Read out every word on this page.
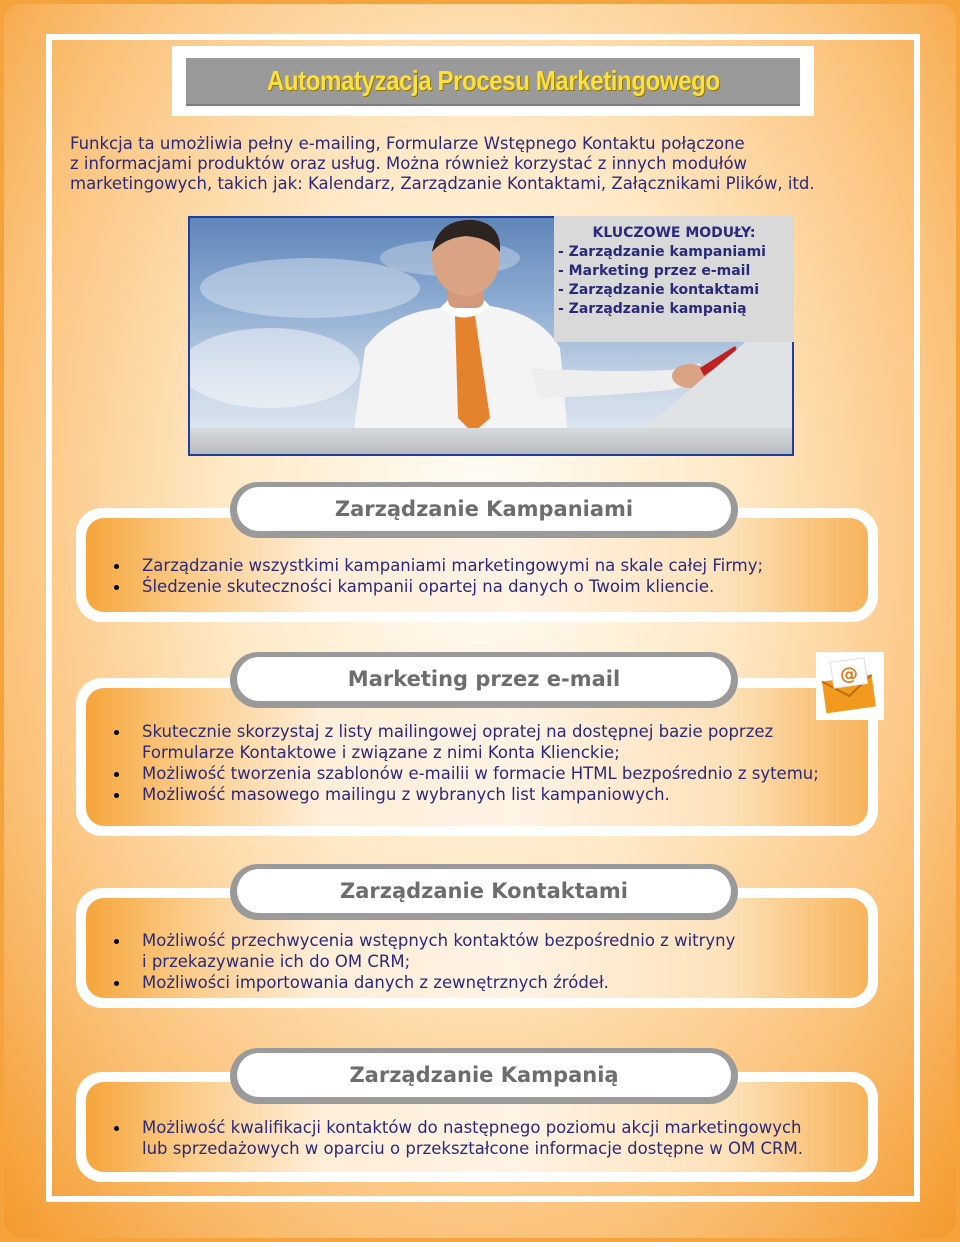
Automatyzacja Procesu Marketingowego
Funkcja ta umożliwia pełny e-mailing, Formularze Wstępnego Kontaktu połączone
z informacjami produktów oraz usług. Można również korzystać z innych modułów
marketingowych, takich jak: Kalendarz, Zarządzanie Kontaktami, Załącznikami Plików, itd.
KLUCZOWE MODUŁY:
- Zarządzanie kampaniami
- Marketing przez e-mail
- Zarządzanie kontaktami
- Zarządzanie kampanią
Zarządzanie Kampaniami
Zarządzanie wszystkimi kampaniami marketingowymi na skale całej Firmy;
Śledzenie skuteczności kampanii opartej na danych o Twoim kliencie.
Marketing przez e-mail	@
Skutecznie skorzystaj z listy mailingowej opratej na dostępnej bazie poprzez
Formularze Kontaktowe i związane z nimi Konta Klienckie;
Możliwość tworzenia szablonów e-mailii w formacie HTML bezpośrednio z sytemu;
Możliwość masowego mailingu z wybranych list kampaniowych.
Zarządzanie Kontaktami
Możliwość przechwycenia wstępnych kontaktów bezpośrednio z witryny
i przekazywanie ich do OM CRM;
Możliwości importowania danych z zewnętrznych źródeł.
Zarządzanie Kampanią
Możliwość kwalifikacji kontaktów do następnego poziomu akcji marketingowych
lub sprzedażowych w oparciu o przekształcone informacje dostępne w OM CRM.
